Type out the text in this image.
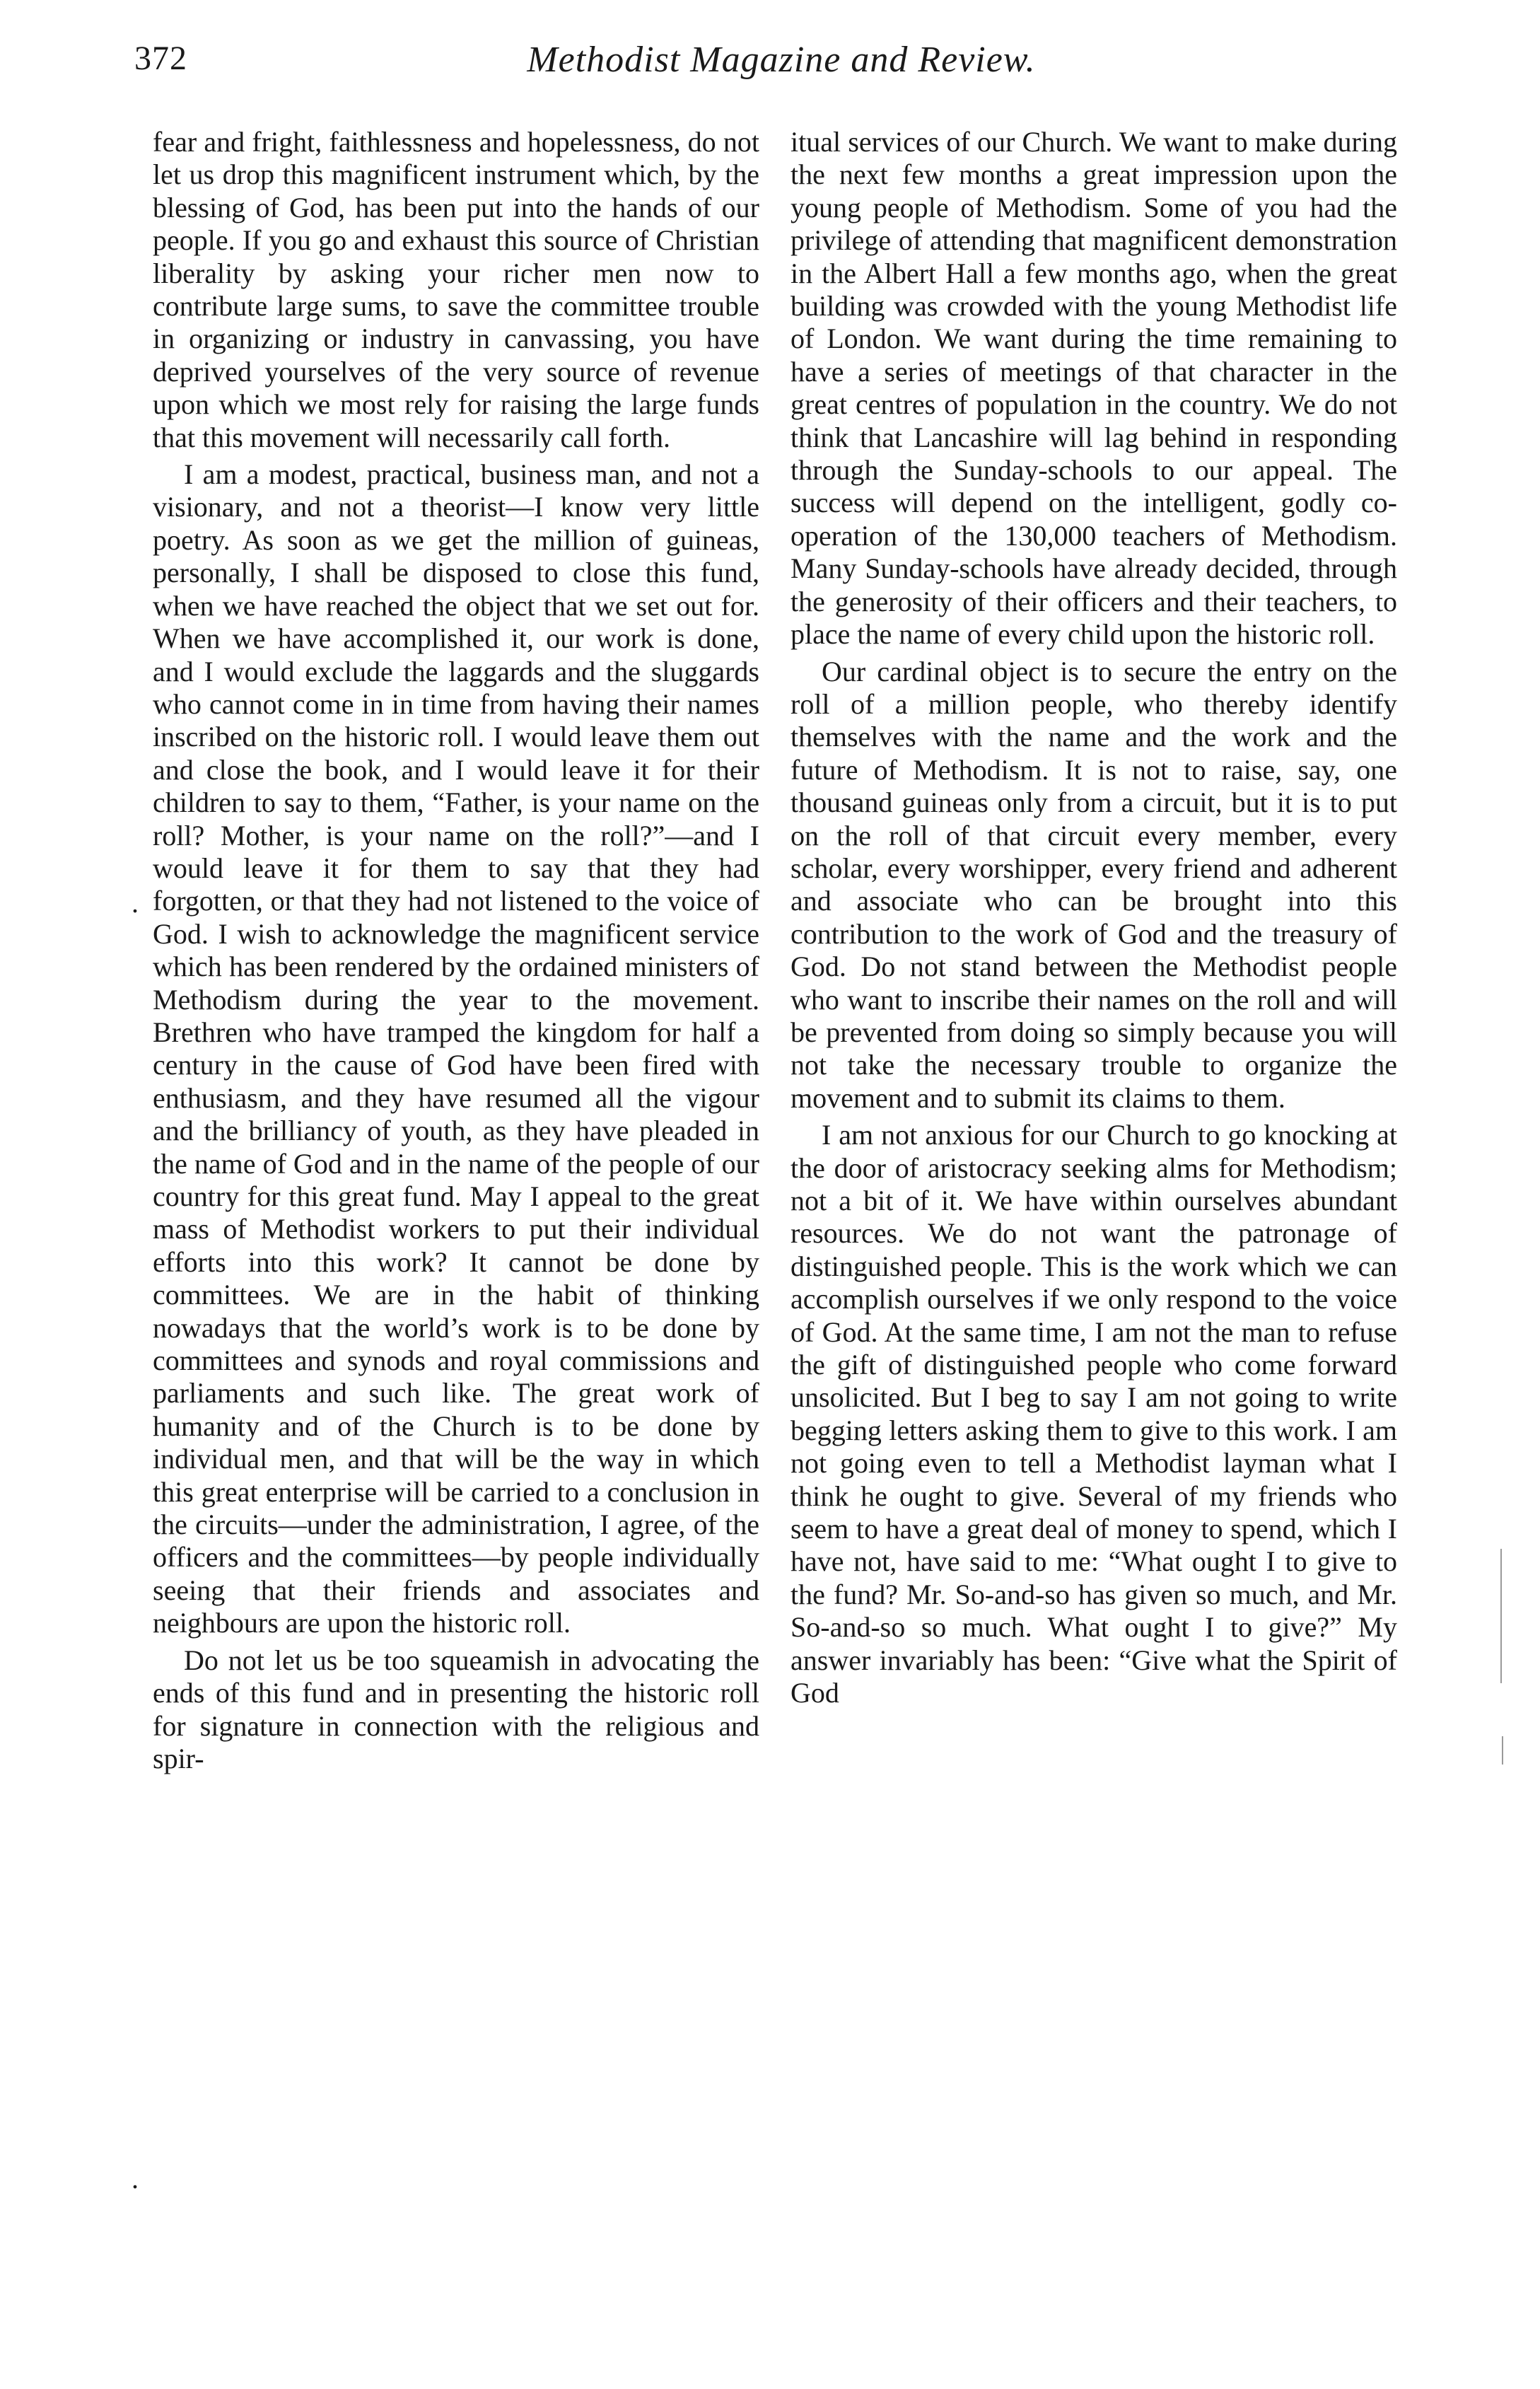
372	Methodist Magazine and Review.

fear and fright, faithlessness and hopelessness, do not let us drop this magnificent instrument which, by the blessing of God, has been put into the hands of our people. If you go and exhaust this source of Christian liberality by asking your richer men now to contribute large sums, to save the committee trouble in organizing or industry in canvassing, you have deprived yourselves of the very source of revenue upon which we most rely for raising the large funds that this movement will necessarily call forth.

I am a modest, practical, business man, and not a visionary, and not a theorist—I know very little poetry. As soon as we get the million of guineas, personally, I shall be disposed to close this fund, when we have reached the object that we set out for. When we have accomplished it, our work is done, and I would exclude the laggards and the sluggards who cannot come in in time from having their names inscribed on the historic roll. I would leave them out and close the book, and I would leave it for their children to say to them, “Father, is your name on the roll? Mother, is your name on the roll?”—and I would leave it for them to say that they had forgotten, or that they had not listened to the voice of God. I wish to acknowledge the magnificent service which has been rendered by the ordained ministers of Methodism during the year to the movement. Brethren who have tramped the kingdom for half a century in the cause of God have been fired with enthusiasm, and they have resumed all the vigour and the brilliancy of youth, as they have pleaded in the name of God and in the name of the people of our country for this great fund. May I appeal to the great mass of Methodist workers to put their individual efforts into this work? It cannot be done by committees. We are in the habit of thinking nowadays that the world’s work is to be done by committees and synods and royal commissions and parliaments and such like. The great work of humanity and of the Church is to be done by individual men, and that will be the way in which this great enterprise will be carried to a conclusion in the circuits—under the administration, I agree, of the officers and the committees—by people individually seeing that their friends and associates and neighbours are upon the historic roll.

Do not let us be too squeamish in advocating the ends of this fund and in presenting the historic roll for signature in connection with the religious and spir-

itual services of our Church. We want to make during the next few months a great impression upon the young people of Methodism. Some of you had the privilege of attending that magnificent demonstration in the Albert Hall a few months ago, when the great building was crowded with the young Methodist life of London. We want during the time remaining to have a series of meetings of that character in the great centres of population in the country. We do not think that Lancashire will lag behind in responding through the Sunday-schools to our appeal. The success will depend on the intelligent, godly co-operation of the 130,000 teachers of Methodism. Many Sunday-schools have already decided, through the generosity of their officers and their teachers, to place the name of every child upon the historic roll.

Our cardinal object is to secure the entry on the roll of a million people, who thereby identify themselves with the name and the work and the future of Methodism. It is not to raise, say, one thousand guineas only from a circuit, but it is to put on the roll of that circuit every member, every scholar, every worshipper, every friend and adherent and associate who can be brought into this contribution to the work of God and the treasury of God. Do not stand between the Methodist people who want to inscribe their names on the roll and will be prevented from doing so simply because you will not take the necessary trouble to organize the movement and to submit its claims to them.

I am not anxious for our Church to go knocking at the door of aristocracy seeking alms for Methodism; not a bit of it. We have within ourselves abundant resources. We do not want the patronage of distinguished people. This is the work which we can accomplish ourselves if we only respond to the voice of God. At the same time, I am not the man to refuse the gift of distinguished people who come forward unsolicited. But I beg to say I am not going to write begging letters asking them to give to this work. I am not going even to tell a Methodist layman what I think he ought to give. Several of my friends who seem to have a great deal of money to spend, which I have not, have said to me: “What ought I to give to the fund? Mr. So-and-so has given so much, and Mr. So-and-so so much. What ought I to give?” My answer invariably has been: “Give what the Spirit of God

.
.
